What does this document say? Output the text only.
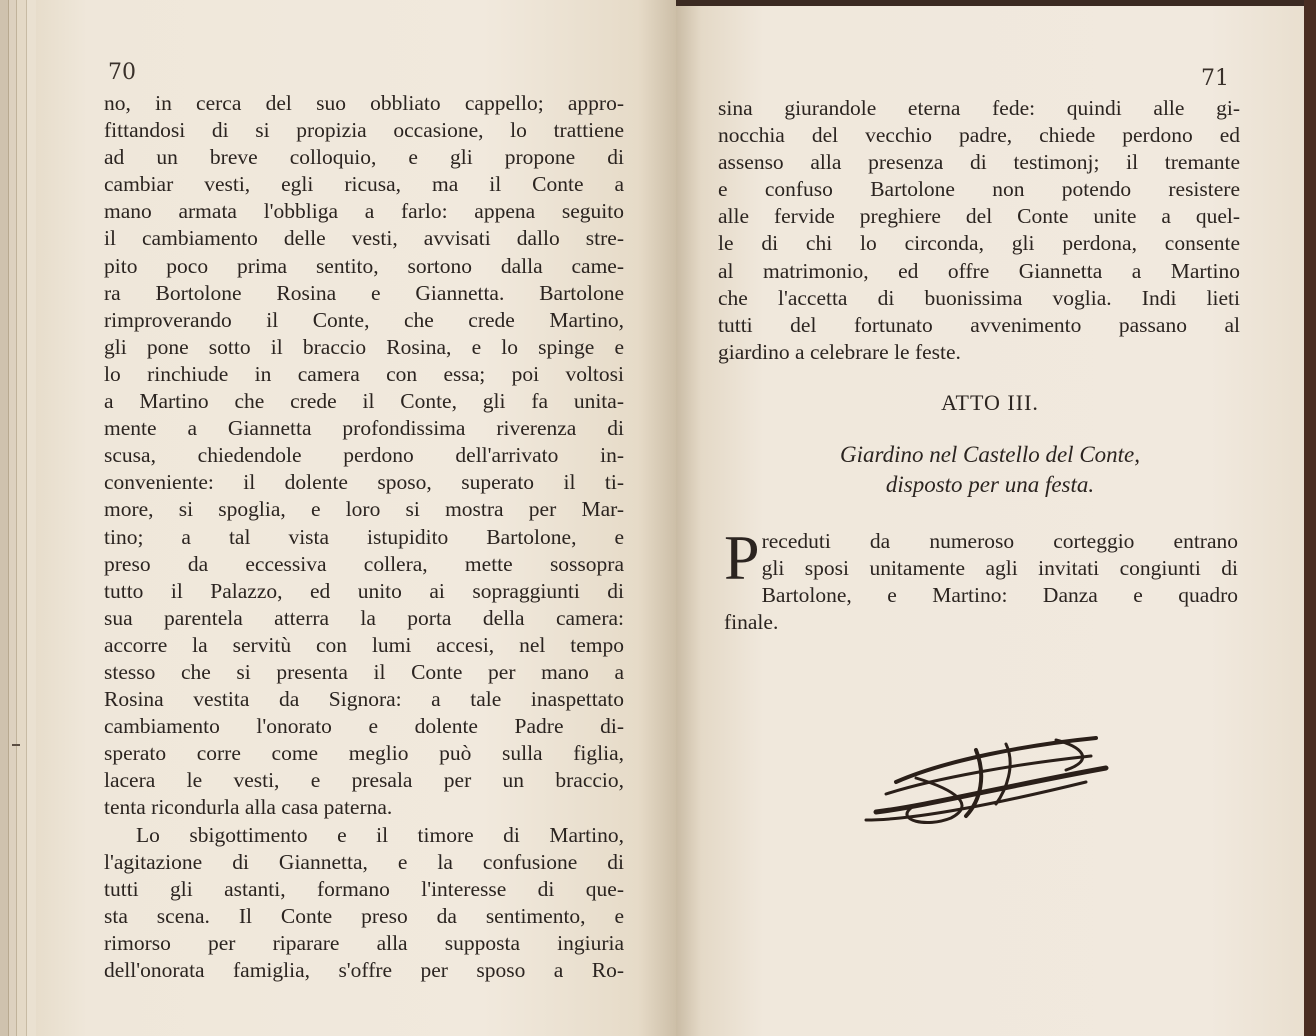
70
no, in cerca del suo obbliato cappello; appro-
fittandosi di si propizia occasione, lo trattiene
ad un breve colloquio, e gli propone di
cambiar vesti, egli ricusa, ma il Conte a
mano armata l'obbliga a farlo: appena seguito
il cambiamento delle vesti, avvisati dallo stre-
pito poco prima sentito, sortono dalla came-
ra Bortolone Rosina e Giannetta. Bartolone
rimproverando il Conte, che crede Martino,
gli pone sotto il braccio Rosina, e lo spinge e
lo rinchiude in camera con essa; poi voltosi
a Martino che crede il Conte, gli fa unita-
mente a Giannetta profondissima riverenza di
scusa, chiedendole perdono dell'arrivato in-
conveniente: il dolente sposo, superato il ti-
more, si spoglia, e loro si mostra per Mar-
tino; a tal vista istupidito Bartolone, e
preso da eccessiva collera, mette sossopra
tutto il Palazzo, ed unito ai sopraggiunti di
sua parentela atterra la porta della camera:
accorre la servitù con lumi accesi, nel tempo
stesso che si presenta il Conte per mano a
Rosina vestita da Signora: a tale inaspettato
cambiamento l'onorato e dolente Padre di-
sperato corre come meglio può sulla figlia,
lacera le vesti, e presala per un braccio,
tenta ricondurla alla casa paterna.
Lo sbigottimento e il timore di Martino,
l'agitazione di Giannetta, e la confusione di
tutti gli astanti, formano l'interesse di que-
sta scena. Il Conte preso da sentimento, e
rimorso per riparare alla supposta ingiuria
dell'onorata famiglia, s'offre per sposo a Ro-
71
sina giurandole eterna fede: quindi alle gi-
nocchia del vecchio padre, chiede perdono ed
assenso alla presenza di testimonj; il tremante
e confuso Bartolone non potendo resistere
alle fervide preghiere del Conte unite a quel-
le di chi lo circonda, gli perdona, consente
al matrimonio, ed offre Giannetta a Martino
che l'accetta di buonissima voglia. Indi lieti
tutti del fortunato avvenimento passano al
giardino a celebrare le feste.
ATTO III.
Giardino nel Castello del Conte,
disposto per una festa.
P receduti da numeroso corteggio entrano
gli sposi unitamente agli invitati congiunti di
Bartolone, e Martino: Danza e quadro
finale.
